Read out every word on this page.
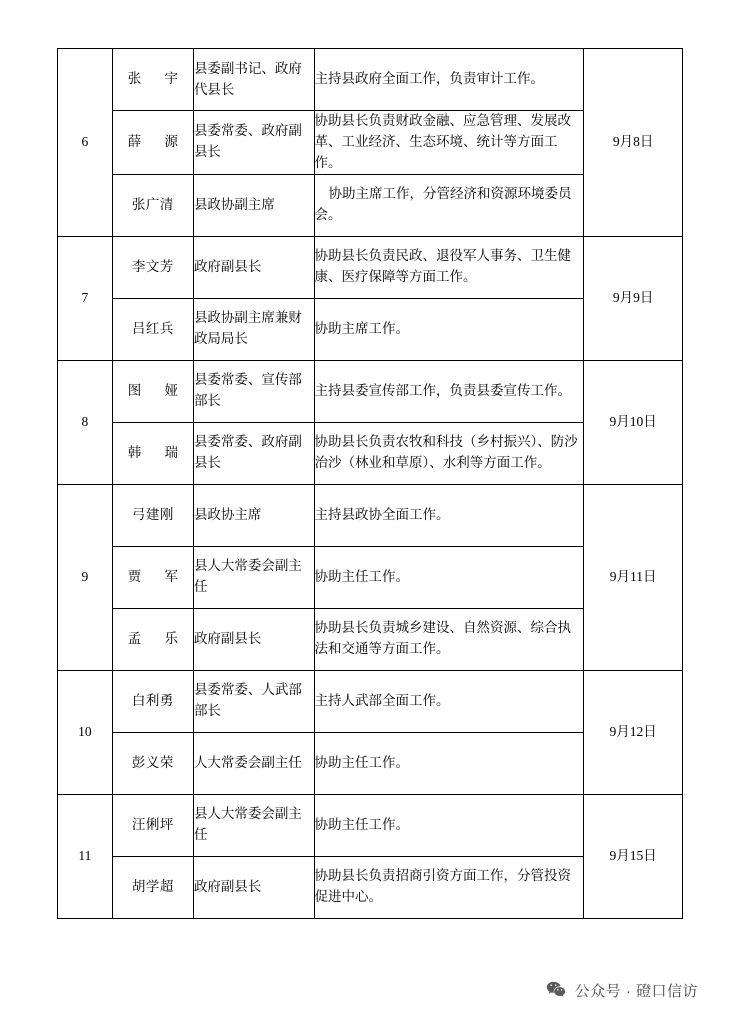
6	张 宇	县委副书记、政府代县长	主持县政府全面工作，负责审计工作。	9月8日
	薛 源	县委常委、政府副县长	协助县长负责财政金融、应急管理、发展改革、工业经济、生态环境、统计等方面工作。	
	张广清	县政协副主席	协助主席工作，分管经济和资源环境委员会。	
7	李文芳	政府副县长	协助县长负责民政、退役军人事务、卫生健康、医疗保障等方面工作。	9月9日
	吕红兵	县政协副主席兼财政局局长	协助主席工作。	
8	图 娅	县委常委、宣传部部长	主持县委宣传部工作，负责县委宣传工作。	9月10日
	韩 瑞	县委常委、政府副县长	协助县长负责农牧和科技（乡村振兴）、防沙治沙（林业和草原）、水利等方面工作。	
9	弓建刚	县政协主席	主持县政协全面工作。	9月11日
	贾 军	县人大常委会副主任	协助主任工作。	
	孟 乐	政府副县长	协助县长负责城乡建设、自然资源、综合执法和交通等方面工作。	
10	白利勇	县委常委、人武部部长	主持人武部全面工作。	9月12日
	彭义荣	人大常委会副主任	协助主任工作。	
11	汪俐坪	县人大常委会副主任	协助主任工作。	9月15日
	胡学超	政府副县长	协助县长负责招商引资方面工作，分管投资促进中心。	
公众号 · 磴口信访
